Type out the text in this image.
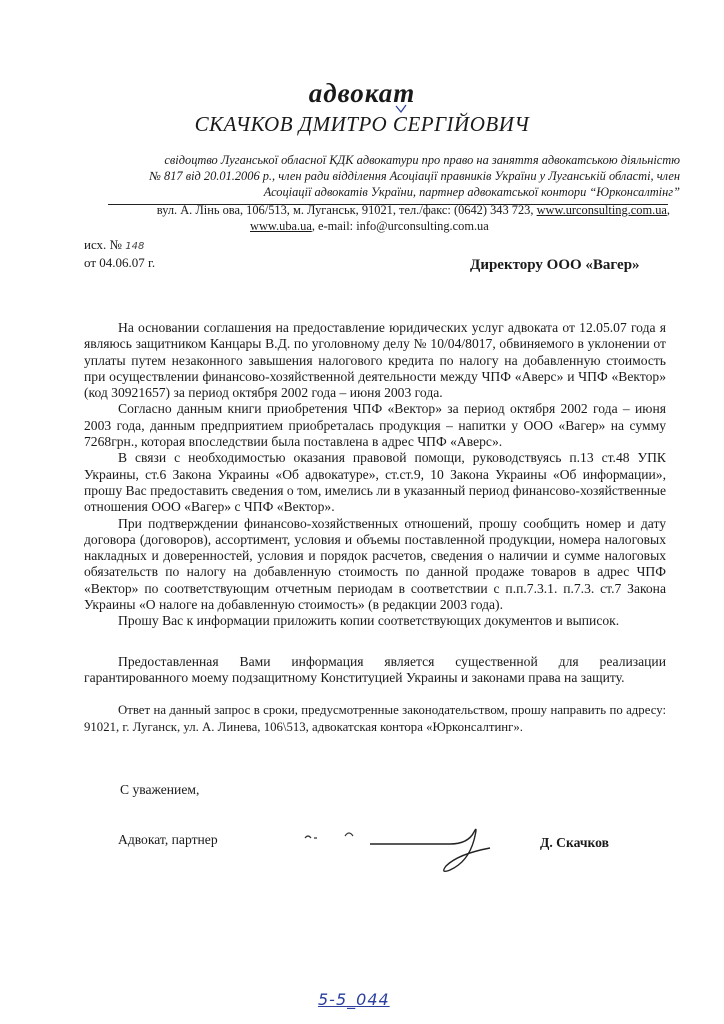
адвокат
СКАЧКОВ ДМИТРО СЕРГІЙОВИЧ
свідоцтво Луганської обласної КДК адвокатури про право на заняття адвокатською діяльністю
№ 817 від 20.01.2006 р., член ради відділення Асоціації правників України у Луганській області, член
Асоціації адвокатів України, партнер адвокатської контори “Юрконсалтінг”
вул. А. Лінь ова, 106/513, м. Луганськ, 91021, тел./факс: (0642) 343 723, www.urconsulting.com.ua,
www.uba.ua, e-mail: info@urconsulting.com.ua
исх. № 148
от 04.06.07 г.	Директору ООО «Вагер»

На основании соглашения на предоставление юридических услуг адвоката от 12.05.07 года я являюсь защитником Канцары В.Д. по уголовному делу № 10/04/8017, обвиняемого в уклонении от уплаты путем незаконного завышения налогового кредита по налогу на добавленную стоимость при осуществлении финансово-хозяйственной деятельности между ЧПФ «Аверс» и ЧПФ «Вектор» (код 30921657) за период октября 2002 года – июня 2003 года.

Согласно данным книги приобретения ЧПФ «Вектор» за период октября 2002 года – июня 2003 года, данным предприятием приобреталась продукция – напитки у ООО «Вагер» на сумму 7268грн., которая впоследствии была поставлена в адрес ЧПФ «Аверс».

В связи с необходимостью оказания правовой помощи, руководствуясь п.13 ст.48 УПК Украины, ст.6 Закона Украины «Об адвокатуре», ст.ст.9, 10 Закона Украины «Об информации», прошу Вас предоставить сведения о том, имелись ли в указанный период финансово-хозяйственные отношения ООО «Вагер» с ЧПФ «Вектор».

При подтверждении финансово-хозяйственных отношений, прошу сообщить номер и дату договора (договоров), ассортимент, условия и объемы поставленной продукции, номера налоговых накладных и доверенностей, условия и порядок расчетов, сведения о наличии и сумме налоговых обязательств по налогу на добавленную стоимость по данной продаже товаров в адрес ЧПФ «Вектор» по соответствующим отчетным периодам в соответствии с п.п.7.3.1. п.7.3. ст.7 Закона Украины «О налоге на добавленную стоимость» (в редакции 2003 года).

Прошу Вас к информации приложить копии соответствующих документов и выписок.

Предоставленная Вами информация является существенной для реализации гарантированного моему подзащитному Конституцией Украины и законами права на защиту.

Ответ на данный запрос в сроки, предусмотренные законодательством, прошу направить по адресу: 91021, г. Луганск, ул. А. Линева, 106\513, адвокатская контора «Юрконсалтинг».

С уважением,
Адвокат, партнер	Д. Скачков
5-5_044
